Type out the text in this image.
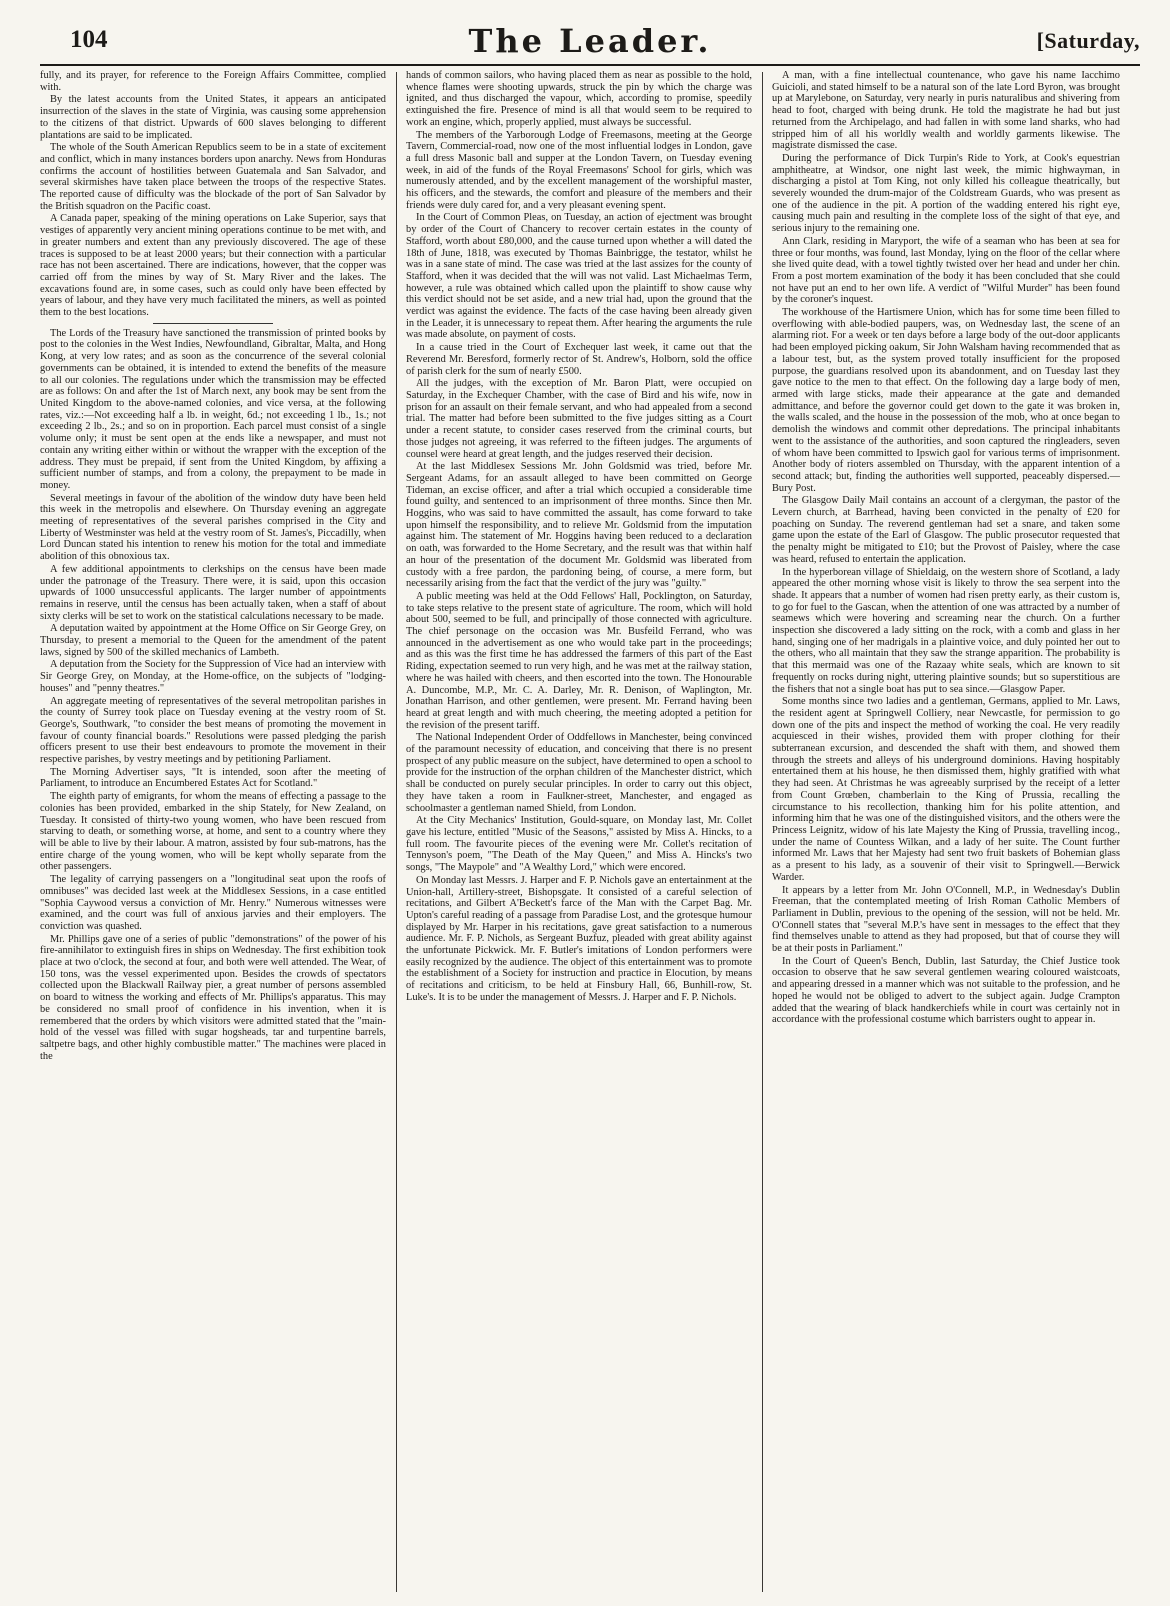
104	The Leader.	[Saturday,

fully, and its prayer, for reference to the Foreign Affairs Committee, complied with.

By the latest accounts from the United States, it appears an anticipated insurrection of the slaves in the state of Virginia, was causing some apprehension to the citizens of that district. Upwards of 600 slaves belonging to different plantations are said to be implicated.

The whole of the South American Republics seem to be in a state of excitement and conflict, which in many instances borders upon anarchy. News from Honduras confirms the account of hostilities between Guatemala and San Salvador, and several skirmishes have taken place between the troops of the respective States. The reported cause of difficulty was the blockade of the port of San Salvador by the British squadron on the Pacific coast.

A Canada paper, speaking of the mining operations on Lake Superior, says that vestiges of apparently very ancient mining operations continue to be met with, and in greater numbers and extent than any previously discovered. The age of these traces is supposed to be at least 2000 years; but their connection with a particular race has not been ascertained. There are indications, however, that the copper was carried off from the mines by way of St. Mary River and the lakes. The excavations found are, in some cases, such as could only have been effected by years of labour, and they have very much facilitated the miners, as well as pointed them to the best locations.

The Lords of the Treasury have sanctioned the transmission of printed books by post to the colonies in the West Indies, Newfoundland, Gibraltar, Malta, and Hong Kong, at very low rates; and as soon as the concurrence of the several colonial governments can be obtained, it is intended to extend the benefits of the measure to all our colonies. The regulations under which the transmission may be effected are as follows: On and after the 1st of March next, any book may be sent from the United Kingdom to the above-named colonies, and vice versa, at the following rates, viz.:—Not exceeding half a lb. in weight, 6d.; not exceeding 1 lb., 1s.; not exceeding 2 lb., 2s.; and so on in proportion. Each parcel must consist of a single volume only; it must be sent open at the ends like a newspaper, and must not contain any writing either within or without the wrapper with the exception of the address. They must be prepaid, if sent from the United Kingdom, by affixing a sufficient number of stamps, and from a colony, the prepayment to be made in money.

Several meetings in favour of the abolition of the window duty have been held this week in the metropolis and elsewhere. On Thursday evening an aggregate meeting of representatives of the several parishes comprised in the City and Liberty of Westminster was held at the vestry room of St. James's, Piccadilly, when Lord Duncan stated his intention to renew his motion for the total and immediate abolition of this obnoxious tax.

A few additional appointments to clerkships on the census have been made under the patronage of the Treasury. There were, it is said, upon this occasion upwards of 1000 unsuccessful applicants. The larger number of appointments remains in reserve, until the census has been actually taken, when a staff of about sixty clerks will be set to work on the statistical calculations necessary to be made.

A deputation waited by appointment at the Home Office on Sir George Grey, on Thursday, to present a memorial to the Queen for the amendment of the patent laws, signed by 500 of the skilled mechanics of Lambeth.

A deputation from the Society for the Suppression of Vice had an interview with Sir George Grey, on Monday, at the Home-office, on the subjects of "lodging-houses" and "penny theatres."

An aggregate meeting of representatives of the several metropolitan parishes in the county of Surrey took place on Tuesday evening at the vestry room of St. George's, Southwark, "to consider the best means of promoting the movement in favour of county financial boards." Resolutions were passed pledging the parish officers present to use their best endeavours to promote the movement in their respective parishes, by vestry meetings and by petitioning Parliament.

The Morning Advertiser says, "It is intended, soon after the meeting of Parliament, to introduce an Encumbered Estates Act for Scotland."

The eighth party of emigrants, for whom the means of effecting a passage to the colonies has been provided, embarked in the ship Stately, for New Zealand, on Tuesday. It consisted of thirty-two young women, who have been rescued from starving to death, or something worse, at home, and sent to a country where they will be able to live by their labour. A matron, assisted by four sub-matrons, has the entire charge of the young women, who will be kept wholly separate from the other passengers.

The legality of carrying passengers on a "longitudinal seat upon the roofs of omnibuses" was decided last week at the Middlesex Sessions, in a case entitled "Sophia Caywood versus a conviction of Mr. Henry." Numerous witnesses were examined, and the court was full of anxious jarvies and their employers. The conviction was quashed.

Mr. Phillips gave one of a series of public "demonstrations" of the power of his fire-annihilator to extinguish fires in ships on Wednesday. The first exhibition took place at two o'clock, the second at four, and both were well attended. The Wear, of 150 tons, was the vessel experimented upon. Besides the crowds of spectators collected upon the Blackwall Railway pier, a great number of persons assembled on board to witness the working and effects of Mr. Phillips's apparatus. This may be considered no small proof of confidence in his invention, when it is remembered that the orders by which visitors were admitted stated that the "main-hold of the vessel was filled with sugar hogsheads, tar and turpentine barrels, saltpetre bags, and other highly combustible matter." The machines were placed in the

hands of common sailors, who having placed them as near as possible to the hold, whence flames were shooting upwards, struck the pin by which the charge was ignited, and thus discharged the vapour, which, according to promise, speedily extinguished the fire. Presence of mind is all that would seem to be required to work an engine, which, properly applied, must always be successful.

The members of the Yarborough Lodge of Freemasons, meeting at the George Tavern, Commercial-road, now one of the most influential lodges in London, gave a full dress Masonic ball and supper at the London Tavern, on Tuesday evening week, in aid of the funds of the Royal Freemasons' School for girls, which was numerously attended, and by the excellent management of the worshipful master, his officers, and the stewards, the comfort and pleasure of the members and their friends were duly cared for, and a very pleasant evening spent.

In the Court of Common Pleas, on Tuesday, an action of ejectment was brought by order of the Court of Chancery to recover certain estates in the county of Stafford, worth about £80,000, and the cause turned upon whether a will dated the 18th of June, 1818, was executed by Thomas Bainbrigge, the testator, whilst he was in a sane state of mind. The case was tried at the last assizes for the county of Stafford, when it was decided that the will was not valid. Last Michaelmas Term, however, a rule was obtained which called upon the plaintiff to show cause why this verdict should not be set aside, and a new trial had, upon the ground that the verdict was against the evidence. The facts of the case having been already given in the Leader, it is unnecessary to repeat them. After hearing the arguments the rule was made absolute, on payment of costs.

In a cause tried in the Court of Exchequer last week, it came out that the Reverend Mr. Beresford, formerly rector of St. Andrew's, Holborn, sold the office of parish clerk for the sum of nearly £500.

All the judges, with the exception of Mr. Baron Platt, were occupied on Saturday, in the Exchequer Chamber, with the case of Bird and his wife, now in prison for an assault on their female servant, and who had appealed from a second trial. The matter had before been submitted to the five judges sitting as a Court under a recent statute, to consider cases reserved from the criminal courts, but those judges not agreeing, it was referred to the fifteen judges. The arguments of counsel were heard at great length, and the judges reserved their decision.

At the last Middlesex Sessions Mr. John Goldsmid was tried, before Mr. Sergeant Adams, for an assault alleged to have been committed on George Tideman, an excise officer, and after a trial which occupied a considerable time found guilty, and sentenced to an imprisonment of three months. Since then Mr. Hoggins, who was said to have committed the assault, has come forward to take upon himself the responsibility, and to relieve Mr. Goldsmid from the imputation against him. The statement of Mr. Hoggins having been reduced to a declaration on oath, was forwarded to the Home Secretary, and the result was that within half an hour of the presentation of the document Mr. Goldsmid was liberated from custody with a free pardon, the pardoning being, of course, a mere form, but necessarily arising from the fact that the verdict of the jury was "guilty."

A public meeting was held at the Odd Fellows' Hall, Pocklington, on Saturday, to take steps relative to the present state of agriculture. The room, which will hold about 500, seemed to be full, and principally of those connected with agriculture. The chief personage on the occasion was Mr. Busfeild Ferrand, who was announced in the advertisement as one who would take part in the proceedings; and as this was the first time he has addressed the farmers of this part of the East Riding, expectation seemed to run very high, and he was met at the railway station, where he was hailed with cheers, and then escorted into the town. The Honourable A. Duncombe, M.P., Mr. C. A. Darley, Mr. R. Denison, of Waplington, Mr. Jonathan Harrison, and other gentlemen, were present. Mr. Ferrand having been heard at great length and with much cheering, the meeting adopted a petition for the revision of the present tariff.

The National Independent Order of Oddfellows in Manchester, being convinced of the paramount necessity of education, and conceiving that there is no present prospect of any public measure on the subject, have determined to open a school to provide for the instruction of the orphan children of the Manchester district, which shall be conducted on purely secular principles. In order to carry out this object, they have taken a room in Faulkner-street, Manchester, and engaged as schoolmaster a gentleman named Shield, from London.

At the City Mechanics' Institution, Gould-square, on Monday last, Mr. Collet gave his lecture, entitled "Music of the Seasons," assisted by Miss A. Hincks, to a full room. The favourite pieces of the evening were Mr. Collet's recitation of Tennyson's poem, "The Death of the May Queen," and Miss A. Hincks's two songs, "The Maypole" and "A Wealthy Lord," which were encored.

On Monday last Messrs. J. Harper and F. P. Nichols gave an entertainment at the Union-hall, Artillery-street, Bishopsgate. It consisted of a careful selection of recitations, and Gilbert A'Beckett's farce of the Man with the Carpet Bag. Mr. Upton's careful reading of a passage from Paradise Lost, and the grotesque humour displayed by Mr. Harper in his recitations, gave great satisfaction to a numerous audience. Mr. F. P. Nichols, as Sergeant Buzfuz, pleaded with great ability against the unfortunate Pickwick. Mr. F. Butler's imitations of London performers were easily recognized by the audience. The object of this entertainment was to promote the establishment of a Society for instruction and practice in Elocution, by means of recitations and criticism, to be held at Finsbury Hall, 66, Bunhill-row, St. Luke's. It is to be under the management of Messrs. J. Harper and F. P. Nichols.

A man, with a fine intellectual countenance, who gave his name Iacchimo Guicioli, and stated himself to be a natural son of the late Lord Byron, was brought up at Marylebone, on Saturday, very nearly in puris naturalibus and shivering from head to foot, charged with being drunk. He told the magistrate he had but just returned from the Archipelago, and had fallen in with some land sharks, who had stripped him of all his worldly wealth and worldly garments likewise. The magistrate dismissed the case.

During the performance of Dick Turpin's Ride to York, at Cook's equestrian amphitheatre, at Windsor, one night last week, the mimic highwayman, in discharging a pistol at Tom King, not only killed his colleague theatrically, but severely wounded the drum-major of the Coldstream Guards, who was present as one of the audience in the pit. A portion of the wadding entered his right eye, causing much pain and resulting in the complete loss of the sight of that eye, and serious injury to the remaining one.

Ann Clark, residing in Maryport, the wife of a seaman who has been at sea for three or four months, was found, last Monday, lying on the floor of the cellar where she lived quite dead, with a towel tightly twisted over her head and under her chin. From a post mortem examination of the body it has been concluded that she could not have put an end to her own life. A verdict of "Wilful Murder" has been found by the coroner's inquest.

The workhouse of the Hartismere Union, which has for some time been filled to overflowing with able-bodied paupers, was, on Wednesday last, the scene of an alarming riot. For a week or ten days before a large body of the out-door applicants had been employed picking oakum, Sir John Walsham having recommended that as a labour test, but, as the system proved totally insufficient for the proposed purpose, the guardians resolved upon its abandonment, and on Tuesday last they gave notice to the men to that effect. On the following day a large body of men, armed with large sticks, made their appearance at the gate and demanded admittance, and before the governor could get down to the gate it was broken in, the walls scaled, and the house in the possession of the mob, who at once began to demolish the windows and commit other depredations. The principal inhabitants went to the assistance of the authorities, and soon captured the ringleaders, seven of whom have been committed to Ipswich gaol for various terms of imprisonment. Another body of rioters assembled on Thursday, with the apparent intention of a second attack; but, finding the authorities well supported, peaceably dispersed.—Bury Post.

The Glasgow Daily Mail contains an account of a clergyman, the pastor of the Levern church, at Barrhead, having been convicted in the penalty of £20 for poaching on Sunday. The reverend gentleman had set a snare, and taken some game upon the estate of the Earl of Glasgow. The public prosecutor requested that the penalty might be mitigated to £10; but the Provost of Paisley, where the case was heard, refused to entertain the application.

In the hyperborean village of Shieldaig, on the western shore of Scotland, a lady appeared the other morning whose visit is likely to throw the sea serpent into the shade. It appears that a number of women had risen pretty early, as their custom is, to go for fuel to the Gascan, when the attention of one was attracted by a number of seamews which were hovering and screaming near the church. On a further inspection she discovered a lady sitting on the rock, with a comb and glass in her hand, singing one of her madrigals in a plaintive voice, and duly pointed her out to the others, who all maintain that they saw the strange apparition. The probability is that this mermaid was one of the Razaay white seals, which are known to sit frequently on rocks during night, uttering plaintive sounds; but so superstitious are the fishers that not a single boat has put to sea since.—Glasgow Paper.

Some months since two ladies and a gentleman, Germans, applied to Mr. Laws, the resident agent at Springwell Colliery, near Newcastle, for permission to go down one of the pits and inspect the method of working the coal. He very readily acquiesced in their wishes, provided them with proper clothing for their subterranean excursion, and descended the shaft with them, and showed them through the streets and alleys of his underground dominions. Having hospitably entertained them at his house, he then dismissed them, highly gratified with what they had seen. At Christmas he was agreeably surprised by the receipt of a letter from Count Grœben, chamberlain to the King of Prussia, recalling the circumstance to his recollection, thanking him for his polite attention, and informing him that he was one of the distinguished visitors, and the others were the Princess Leignitz, widow of his late Majesty the King of Prussia, travelling incog., under the name of Countess Wilkan, and a lady of her suite. The Count further informed Mr. Laws that her Majesty had sent two fruit baskets of Bohemian glass as a present to his lady, as a souvenir of their visit to Springwell.—Berwick Warder.

It appears by a letter from Mr. John O'Connell, M.P., in Wednesday's Dublin Freeman, that the contemplated meeting of Irish Roman Catholic Members of Parliament in Dublin, previous to the opening of the session, will not be held. Mr. O'Connell states that "several M.P.'s have sent in messages to the effect that they find themselves unable to attend as they had proposed, but that of course they will be at their posts in Parliament."

In the Court of Queen's Bench, Dublin, last Saturday, the Chief Justice took occasion to observe that he saw several gentlemen wearing coloured waistcoats, and appearing dressed in a manner which was not suitable to the profession, and he hoped he would not be obliged to advert to the subject again. Judge Crampton added that the wearing of black handkerchiefs while in court was certainly not in accordance with the professional costume which barristers ought to appear in.
